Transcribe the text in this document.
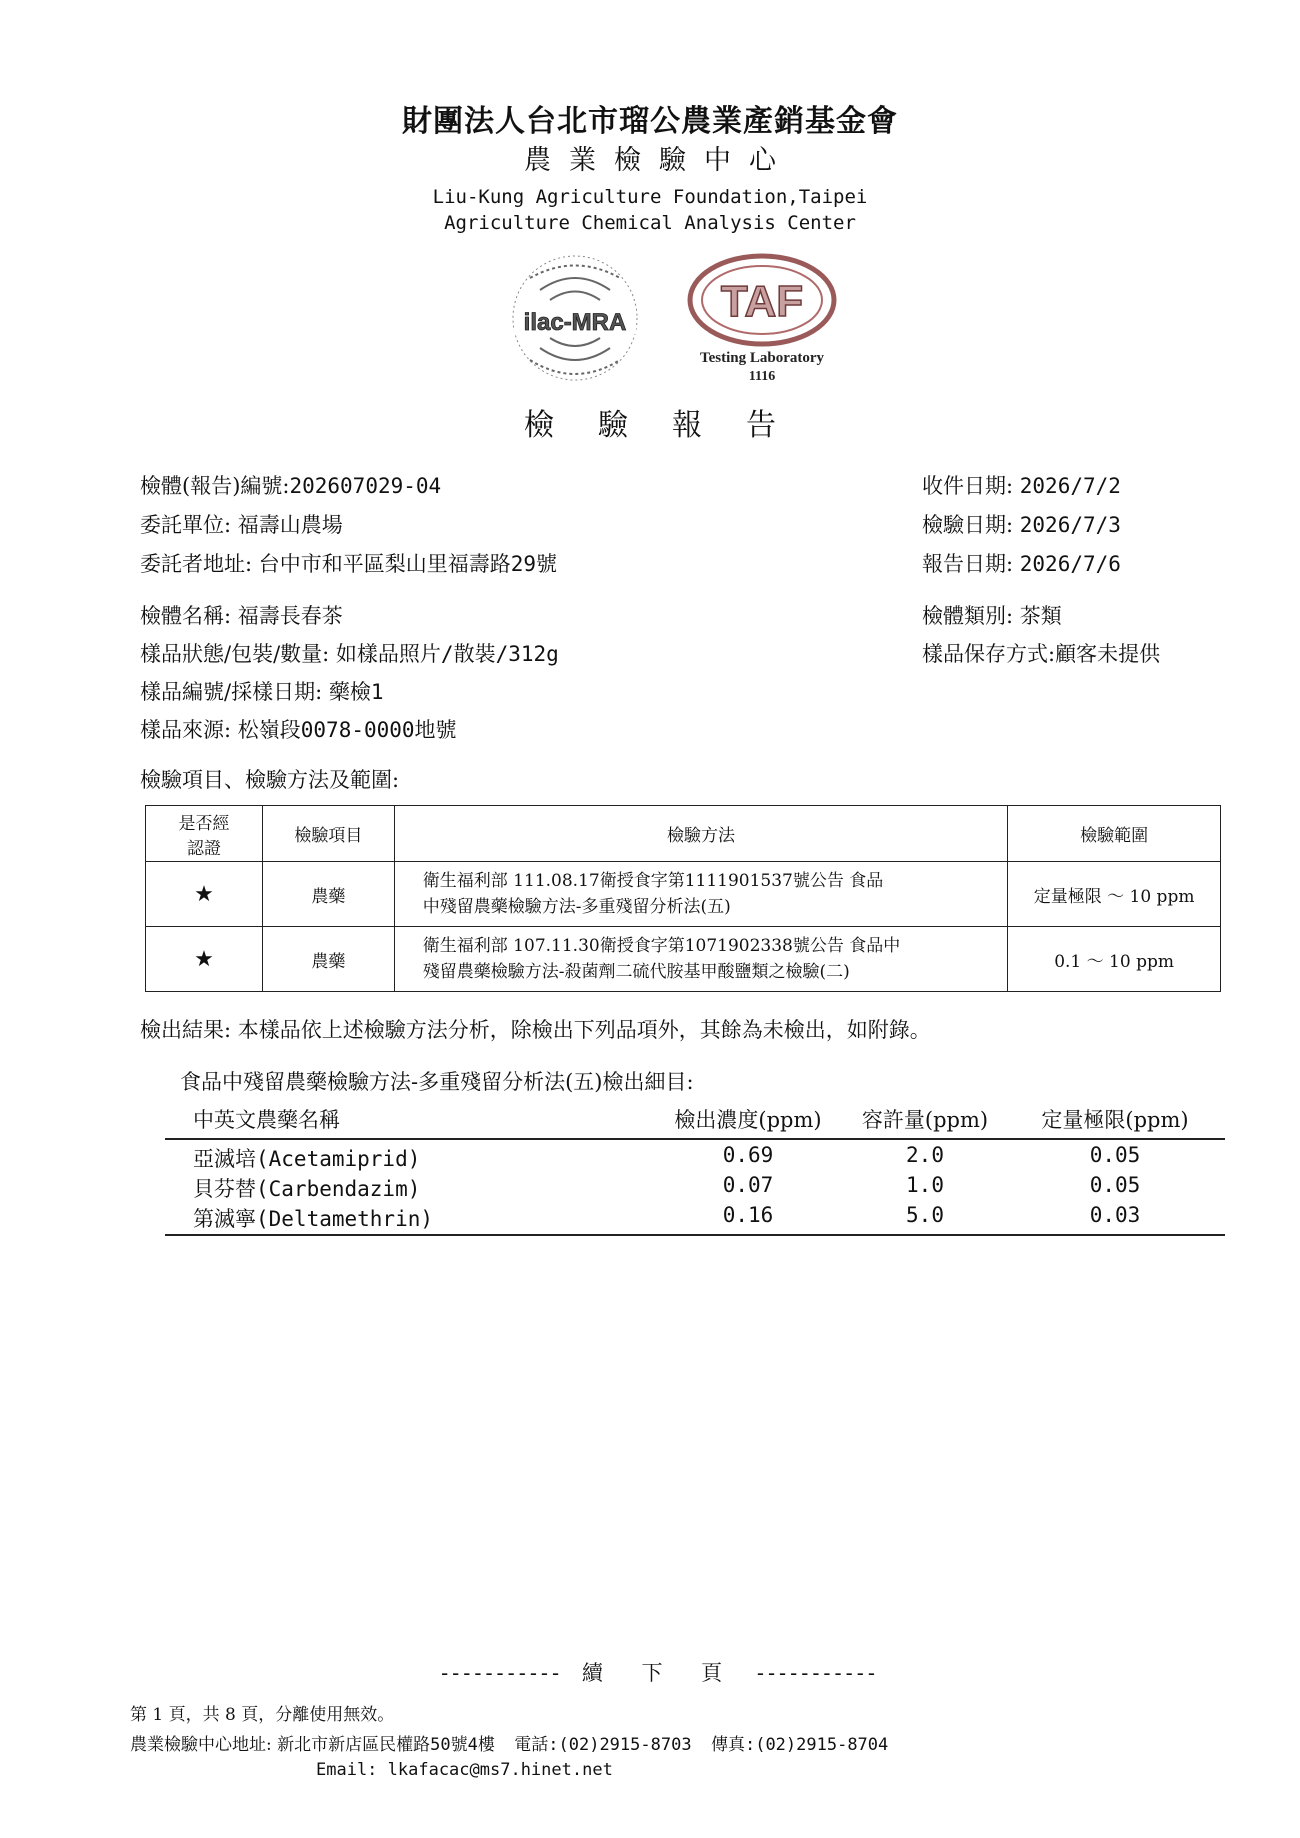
財團法人台北市瑠公農業產銷基金會
農業檢驗中心
Liu-Kung Agriculture Foundation,Taipei
Agriculture Chemical Analysis Center
ilac-MRA TAF
Testing Laboratory
1116
檢驗報告
檢體(報告)編號:202607029-04
委託單位: 福壽山農場
委託者地址: 台中市和平區梨山里福壽路29號
檢體名稱: 福壽長春茶
樣品狀態/包裝/數量: 如樣品照片/散裝/312g
樣品編號/採樣日期: 藥檢1
樣品來源: 松嶺段0078-0000地號
收件日期: 2026/7/2
檢驗日期: 2026/7/3
報告日期: 2026/7/6
檢體類別: 茶類
樣品保存方式:顧客未提供
檢驗項目、檢驗方法及範圍:
是否經認證	檢驗項目	檢驗方法	檢驗範圍
★	農藥	衛生福利部 111.08.17衛授食字第1111901537號公告 食品
中殘留農藥檢驗方法-多重殘留分析法(五)	定量極限 ～ 10 ppm
★	農藥	衛生福利部 107.11.30衛授食字第1071902338號公告 食品中
殘留農藥檢驗方法-殺菌劑二硫代胺基甲酸鹽類之檢驗(二)	0.1 ～ 10 ppm
檢出結果: 本樣品依上述檢驗方法分析，除檢出下列品項外，其餘為未檢出，如附錄。
食品中殘留農藥檢驗方法-多重殘留分析法(五)檢出細目:
中英文農藥名稱	檢出濃度(ppm)	容許量(ppm)	定量極限(ppm)
亞滅培(Acetamiprid)	0.69	2.0	0.05
貝芬替(Carbendazim)	0.07	1.0	0.05
第滅寧(Deltamethrin)	0.16	5.0	0.03
----------- 續 下 頁 -----------
第 1 頁，共 8 頁，分離使用無效。
農業檢驗中心地址: 新北市新店區民權路50號4樓 電話:(02)2915-8703 傳真:(02)2915-8704
Email: lkafacac@ms7.hinet.net
